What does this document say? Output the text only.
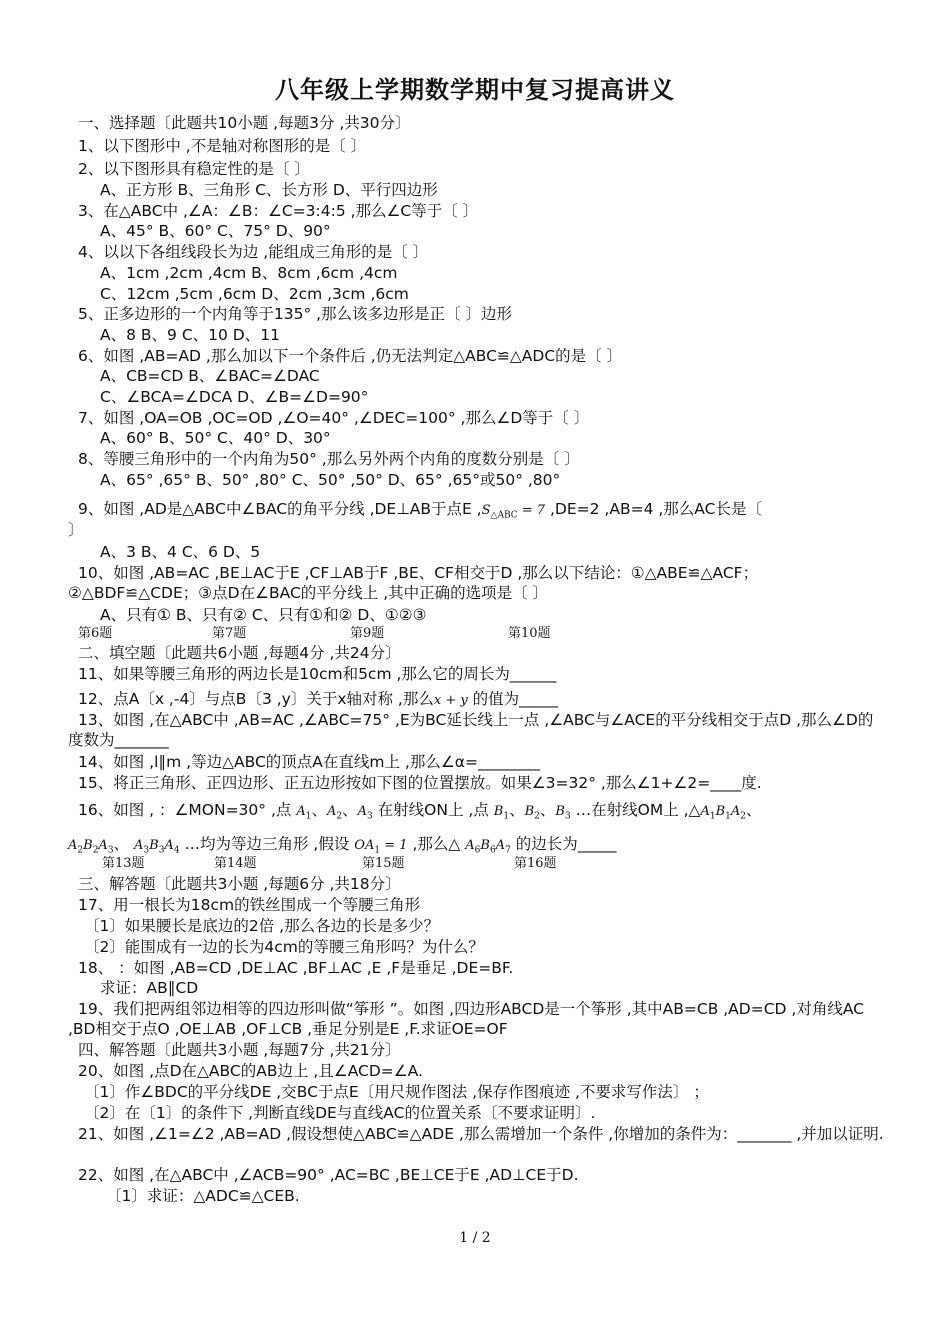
八年级上学期数学期中复习提高讲义
一、选择题〔此题共10小题 ,每题3分 ,共30分〕
1、以下图形中 ,不是轴对称图形的是〔 〕
2、以下图形具有稳定性的是〔 〕
A、正方形 B、三角形 C、长方形 D、平行四边形
3、在△ABC中 ,∠A：∠B：∠C=3:4:5 ,那么∠C等于〔 〕
A、45° B、60° C、75° D、90°
4、以以下各组线段长为边 ,能组成三角形的是〔 〕
A、1cm ,2cm ,4cm B、8cm ,6cm ,4cm
C、12cm ,5cm ,6cm D、2cm ,3cm ,6cm
5、正多边形的一个内角等于135° ,那么该多边形是正〔 〕边形
A、8 B、9 C、10 D、11
6、如图 ,AB=AD ,那么加以下一个条件后 ,仍无法判定△ABC≌△ADC的是〔 〕
A、CB=CD B、∠BAC=∠DAC
C、∠BCA=∠DCA D、∠B=∠D=90°
7、如图 ,OA=OB ,OC=OD ,∠O=40° ,∠DEC=100° ,那么∠D等于〔 〕
A、60° B、50° C、40° D、30°
8、等腰三角形中的一个内角为50° ,那么另外两个内角的度数分别是〔 〕
A、65° ,65° B、50° ,80° C、50° ,50° D、65° ,65°或50° ,80°
9、如图 ,AD是△ABC中∠BAC的角平分线 ,DE⊥AB于点E $,S_{\triangle ABC} = 7$ ,DE=2 ,AB=4 ,那么AC长是〔
〕
A、3 B、4 C、6 D、5
10、如图 ,AB=AC ,BE⊥AC于E ,CF⊥AB于F ,BE、CF相交于D ,那么以下结论：①△ABE≌△ACF；②△BDF≌△CDE；③点D在∠BAC的平分线上 ,其中正确的选项是〔 〕
A、只有① B、只有② C、只有①和② D、①②③
第6题	第7题	第9题	第10题
二、填空题〔此题共6小题 ,每题4分 ,共24分〕
11、如果等腰三角形的两边长是10cm和5cm ,那么它的周长为______
12、点A〔x ,-4〕与点B〔3 ,y〕关于x轴对称 ,那么x + y 的值为_____
13、如图 ,在△ABC中 ,AB=AC ,∠ABC=75° ,E为BC延长线上一点 ,∠ABC与∠ACE的平分线相交于点D ,那么∠D的度数为_______
14、如图 ,l∥m ,等边△ABC的顶点A在直线m上 ,那么∠α=________
15、将正三角形、正四边形、正五边形按如下图的位置摆放。如果∠3=32° ,那么∠1+∠2=____度.
16、如图 , ：∠MON=30° ,点 $A_1$、$A_2$、$A_3$ 在射线ON上 ,点 $B_1$、$B_2$、$B_3$ …在射线OM上 $,\triangle A_1B_1A_2$、
$A_2B_2A_3$、 $A_3B_3A_4$ …均为等边三角形 ,假设 $OA_1 = 1$ ,那么△ $A_6B_6A_7$ 的边长为_____
第13题	第14题	第15题	第16题
三、解答题〔此题共3小题 ,每题6分 ,共18分〕
17、用一根长为18cm的铁丝围成一个等腰三角形
〔1〕如果腰长是底边的2倍 ,那么各边的长是多少？
〔2〕能围成有一边的长为4cm的等腰三角形吗？为什么？
18、 ：如图 ,AB=CD ,DE⊥AC ,BF⊥AC ,E ,F是垂足 ,DE=BF.
求证：AB∥CD
19、我们把两组邻边相等的四边形叫做“筝形 ”。如图 ,四边形ABCD是一个筝形 ,其中AB=CB ,AD=CD ,对角线AC ,BD相交于点O ,OE⊥AB ,OF⊥CB ,垂足分别是E ,F.求证OE=OF
四、解答题〔此题共3小题 ,每题7分 ,共21分〕
20、如图 ,点D在△ABC的AB边上 ,且∠ACD=∠A.
〔1〕作∠BDC的平分线DE ,交BC于点E〔用尺规作图法 ,保存作图痕迹 ,不要求写作法〕 ；
〔2〕在〔1〕的条件下 ,判断直线DE与直线AC的位置关系〔不要求证明〕.
21、如图 ,∠1=∠2 ,AB=AD ,假设想使△ABC≌△ADE ,那么需增加一个条件 ,你增加的条件为：_______ ,并加以证明.
22、如图 ,在△ABC中 ,∠ACB=90° ,AC=BC ,BE⊥CE于E ,AD⊥CE于D.
〔1〕求证：△ADC≌△CEB.
1 / 2
